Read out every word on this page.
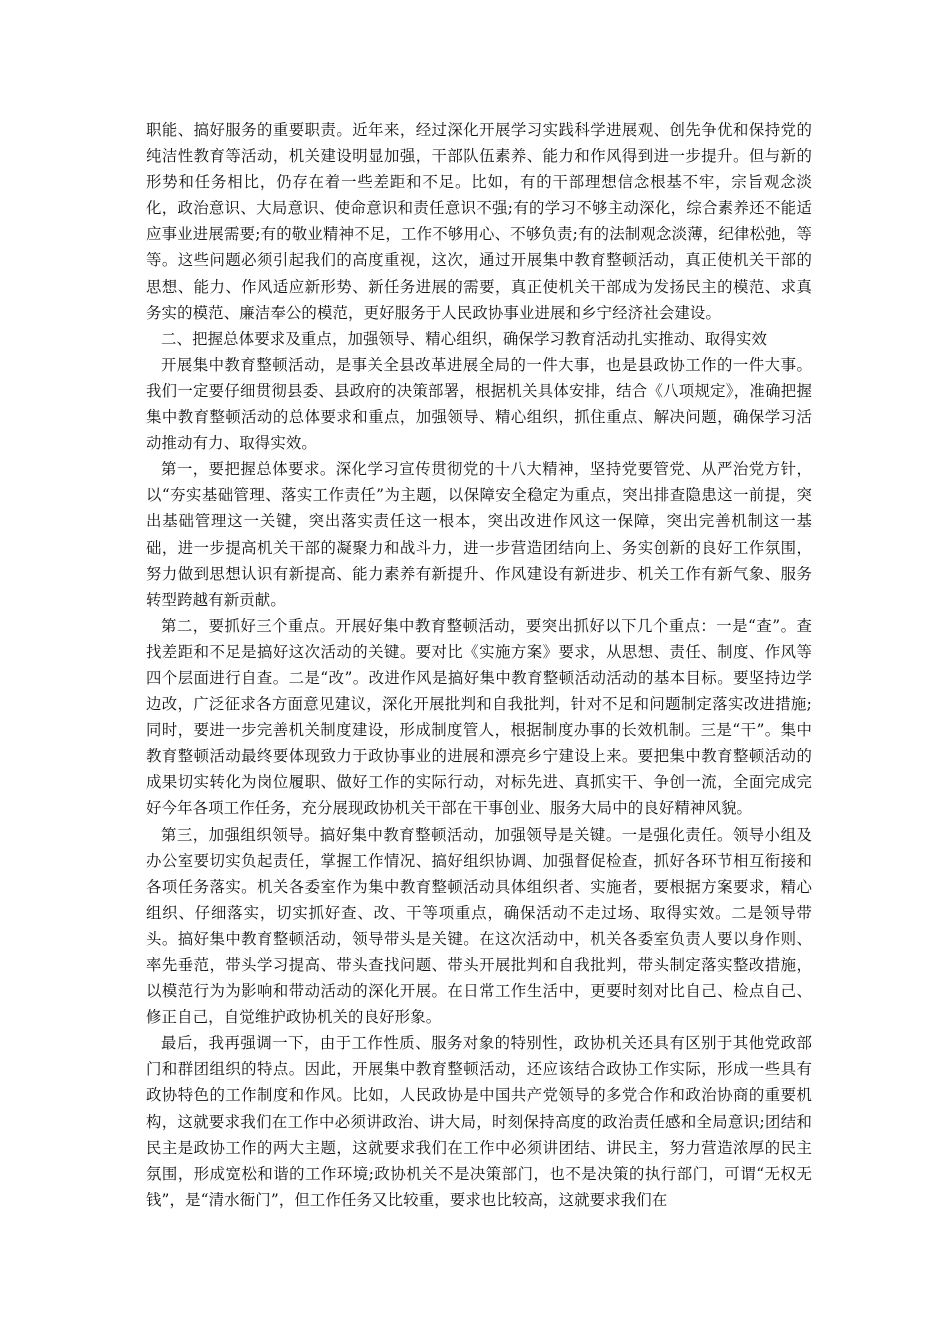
职能、搞好服务的重要职责。近年来，经过深化开展学习实践科学进展观、创先争优和保持党的纯洁性教育等活动，机关建设明显加强，干部队伍素养、能力和作风得到进一步提升。但与新的形势和任务相比，仍存在着一些差距和不足。比如，有的干部理想信念根基不牢，宗旨观念淡化，政治意识、大局意识、使命意识和责任意识不强;有的学习不够主动深化，综合素养还不能适应事业进展需要;有的敬业精神不足，工作不够用心、不够负责;有的法制观念淡薄，纪律松弛，等等。这些问题必须引起我们的高度重视，这次，通过开展集中教育整顿活动，真正使机关干部的思想、能力、作风适应新形势、新任务进展的需要，真正使机关干部成为发扬民主的模范、求真务实的模范、廉洁奉公的模范，更好服务于人民政协事业进展和乡宁经济社会建设。

二、把握总体要求及重点，加强领导、精心组织，确保学习教育活动扎实推动、取得实效

开展集中教育整顿活动，是事关全县改革进展全局的一件大事，也是县政协工作的一件大事。我们一定要仔细贯彻县委、县政府的决策部署，根据机关具体安排，结合《八项规定》，准确把握集中教育整顿活动的总体要求和重点，加强领导、精心组织，抓住重点、解决问题，确保学习活动推动有力、取得实效。

第一，要把握总体要求。深化学习宣传贯彻党的十八大精神，坚持党要管党、从严治党方针，以“夯实基础管理、落实工作责任”为主题，以保障安全稳定为重点，突出排查隐患这一前提，突出基础管理这一关键，突出落实责任这一根本，突出改进作风这一保障，突出完善机制这一基础，进一步提高机关干部的凝聚力和战斗力，进一步营造团结向上、务实创新的良好工作氛围，努力做到思想认识有新提高、能力素养有新提升、作风建设有新进步、机关工作有新气象、服务转型跨越有新贡献。

第二，要抓好三个重点。开展好集中教育整顿活动，要突出抓好以下几个重点：一是“查”。查找差距和不足是搞好这次活动的关键。要对比《实施方案》要求，从思想、责任、制度、作风等四个层面进行自查。二是“改”。改进作风是搞好集中教育整顿活动活动的基本目标。要坚持边学边改，广泛征求各方面意见建议，深化开展批判和自我批判，针对不足和问题制定落实改进措施;同时，要进一步完善机关制度建设，形成制度管人，根据制度办事的长效机制。三是“干”。集中教育整顿活动最终要体现致力于政协事业的进展和漂亮乡宁建设上来。要把集中教育整顿活动的成果切实转化为岗位履职、做好工作的实际行动，对标先进、真抓实干、争创一流，全面完成完好今年各项工作任务，充分展现政协机关干部在干事创业、服务大局中的良好精神风貌。

第三，加强组织领导。搞好集中教育整顿活动，加强领导是关键。一是强化责任。领导小组及办公室要切实负起责任，掌握工作情况、搞好组织协调、加强督促检查，抓好各环节相互衔接和各项任务落实。机关各委室作为集中教育整顿活动具体组织者、实施者，要根据方案要求，精心组织、仔细落实，切实抓好查、改、干等项重点，确保活动不走过场、取得实效。二是领导带头。搞好集中教育整顿活动，领导带头是关键。在这次活动中，机关各委室负责人要以身作则、率先垂范，带头学习提高、带头查找问题、带头开展批判和自我批判，带头制定落实整改措施，以模范行为为影响和带动活动的深化开展。在日常工作生活中，更要时刻对比自己、检点自己、修正自己，自觉维护政协机关的良好形象。

最后，我再强调一下，由于工作性质、服务对象的特别性，政协机关还具有区别于其他党政部门和群团组织的特点。因此，开展集中教育整顿活动，还应该结合政协工作实际，形成一些具有政协特色的工作制度和作风。比如，人民政协是中国共产党领导的多党合作和政治协商的重要机构，这就要求我们在工作中必须讲政治、讲大局，时刻保持高度的政治责任感和全局意识;团结和民主是政协工作的两大主题，这就要求我们在工作中必须讲团结、讲民主，努力营造浓厚的民主氛围，形成宽松和谐的工作环境;政协机关不是决策部门，也不是决策的执行部门，可谓“无权无钱”，是“清水衙门”，但工作任务又比较重，要求也比较高，这就要求我们在
